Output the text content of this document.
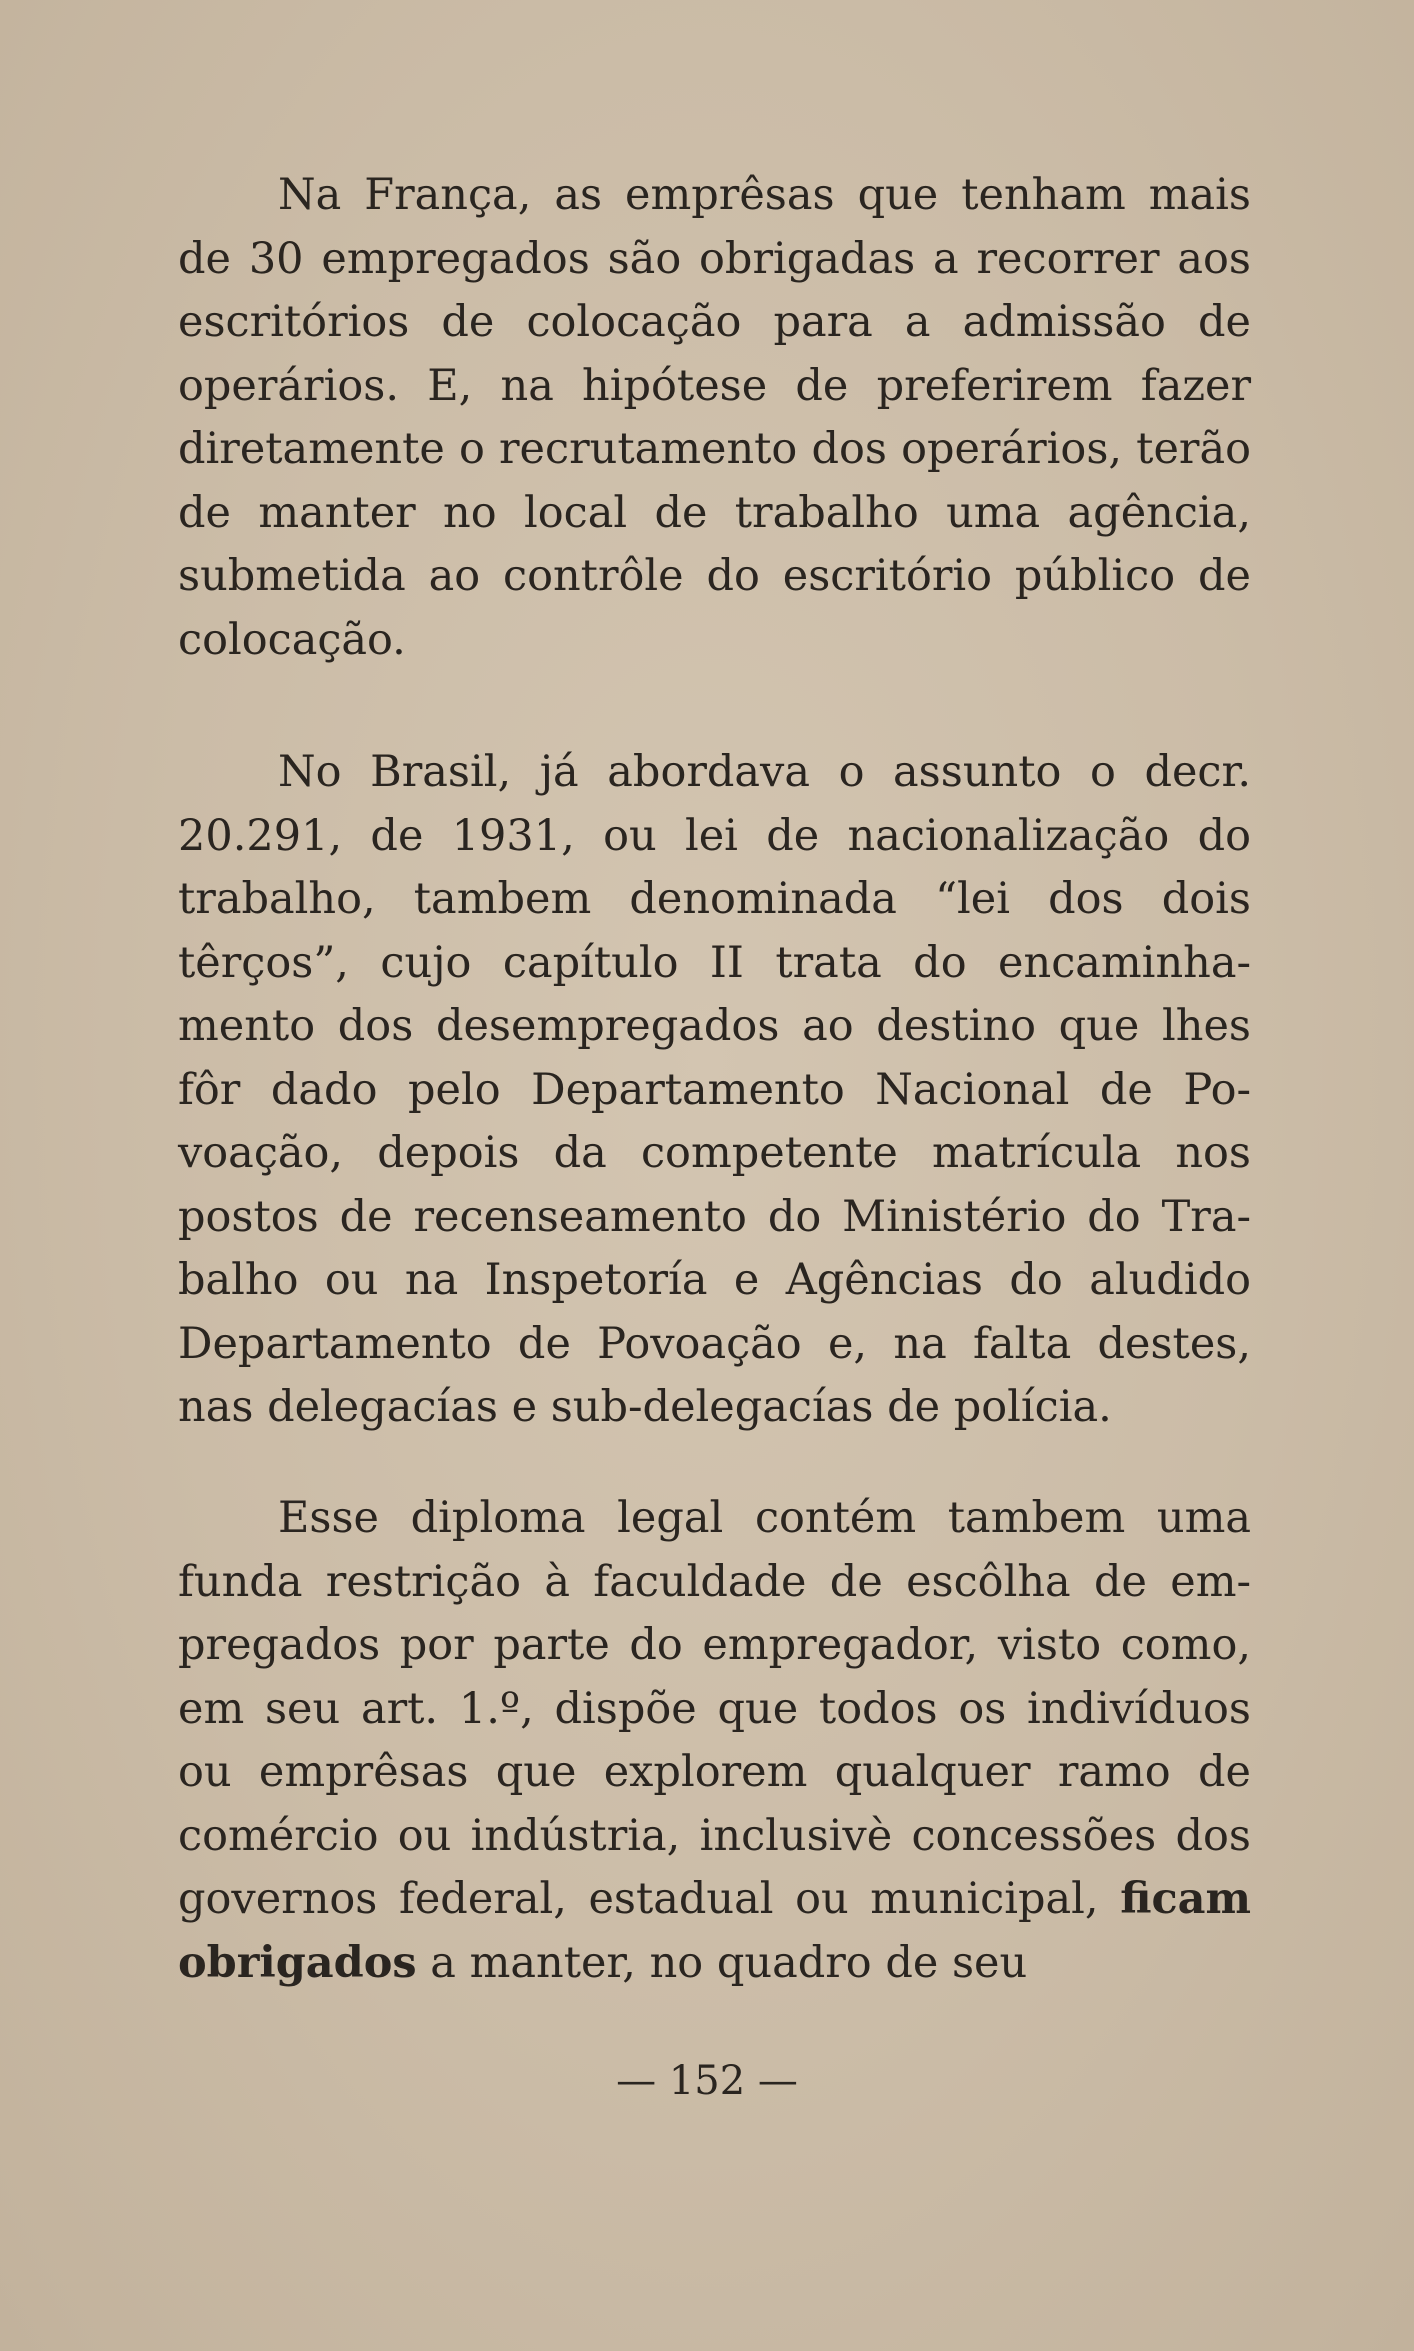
Na França, as emprêsas que tenham mais de 30 empregados são obrigadas a recorrer aos escritórios de colocação para a admissão de operários. E, na hipótese de preferirem fazer diretamente o recrutamento dos operários, terão de manter no local de trabalho uma agência, submetida ao contrôle do escritório público de colocação.

No Brasil, já abordava o assunto o decr. 20.291, de 1931, ou lei de nacionalização do trabalho, tambem denominada “lei dos dois têrços”, cujo capítulo II trata do encaminhamento dos desempregados ao destino que lhes fôr dado pelo Departamento Nacional de Povoação, depois da competente matrícula nos postos de recenseamento do Ministério do Trabalho ou na Inspetoría e Agências do aludido Departamento de Povoação e, na falta destes, nas delegacías e sub-delegacías de polícia.

Esse diploma legal contém tambem uma funda restrição à faculdade de escôlha de empregados por parte do empregador, visto como, em seu art. 1.º, dispõe que todos os indivíduos ou emprêsas que explorem qualquer ramo de comércio ou indústria, inclusivè concessões dos governos federal, estadual ou municipal, ficam obrigados a manter, no quadro de seu

— 152 —
